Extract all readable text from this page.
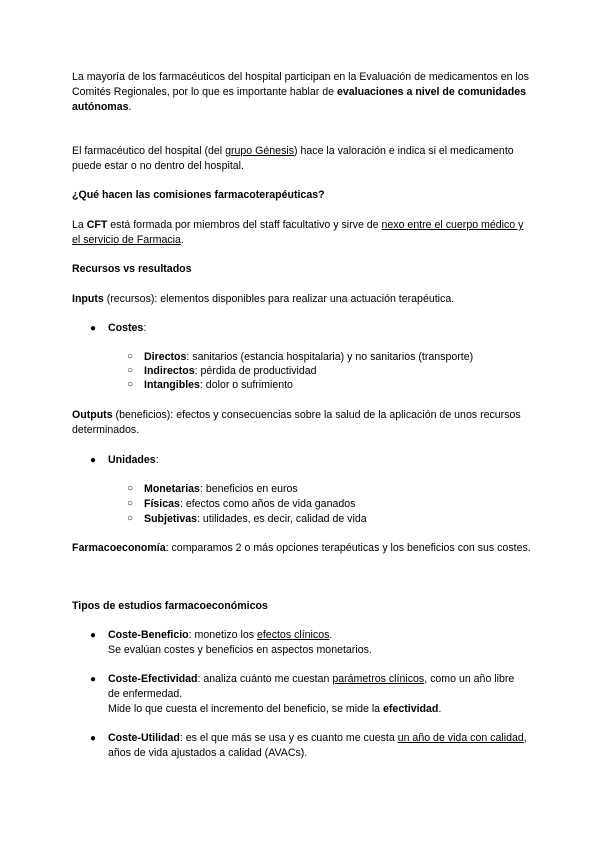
La mayoría de los farmacéuticos del hospital participan en la Evaluación de medicamentos en los Comités Regionales, por lo que es importante hablar de evaluaciones a nivel de comunidades autónomas.

El farmacéutico del hospital (del grupo Génesis) hace la valoración e indica si el medicamento puede estar o no dentro del hospital.

¿Qué hacen las comisiones farmacoterapéuticas?

La CFT está formada por miembros del staff facultativo y sirve de nexo entre el cuerpo médico y el servicio de Farmacia.

Recursos vs resultados

Inputs (recursos): elementos disponibles para realizar una actuación terapéutica.

● Costes:
○ Directos: sanitarios (estancia hospitalaria) y no sanitarios (transporte)
○ Indirectos: pérdida de productividad
○ Intangibles: dolor o sufrimiento

Outputs (beneficios): efectos y consecuencias sobre la salud de la aplicación de unos recursos determinados.

● Unidades:
○ Monetarias: beneficios en euros
○ Físicas: efectos como años de vida ganados
○ Subjetivas: utilidades, es decir, calidad de vida

Farmacoeconomía: comparamos 2 o más opciones terapéuticas y los beneficios con sus costes.

Tipos de estudios farmacoeconómicos

● Coste-Beneficio: monetizo los efectos clínicos.
Se evalúan costes y beneficios en aspectos monetarios.
● Coste-Efectividad: analiza cuánto me cuestan parámetros clínicos, como un año libre de enfermedad.
Mide lo que cuesta el incremento del beneficio, se mide la efectividad.
● Coste-Utilidad: es el que más se usa y es cuanto me cuesta un año de vida con calidad, años de vida ajustados a calidad (AVACs).
